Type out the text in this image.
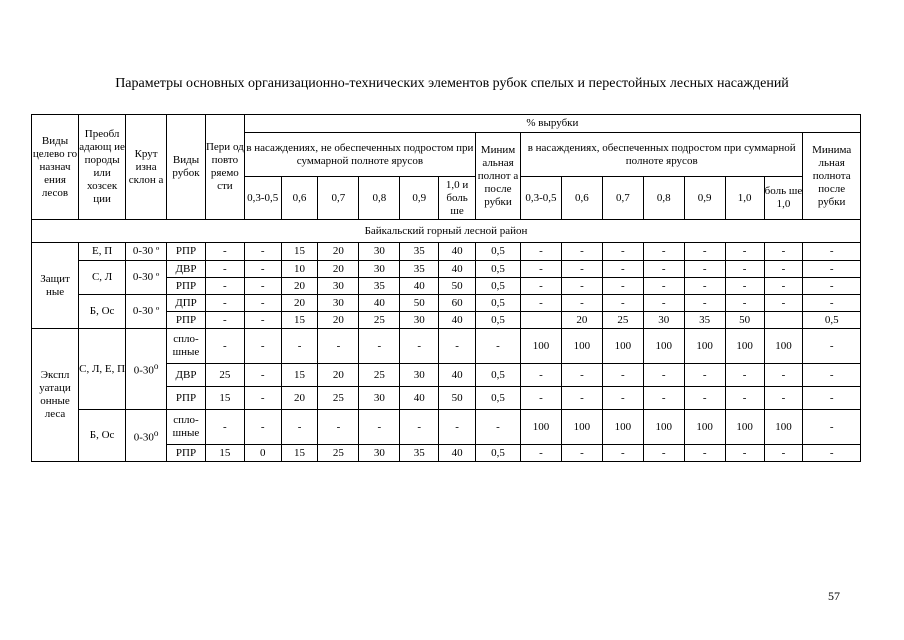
Параметры основных организационно-технических элементов рубок спелых и перестойных лесных насаждений
Виды целево го назнач ения лесов	Преобл адающ ие породы или хозсек ции	Крут изна склон а	Виды рубок	Пери од повто ряемо сти	% вырубки														
					в насаждениях, не обеспеченных подростом при суммарной полноте ярусов						Миним альная полнот а после рубки	в насаждениях, обеспеченных подростом при суммарной полноте ярусов							Минима льная полнота после рубки
					0,3-0,5	0,6	0,7	0,8	0,9	1,0 и боль ше		0,3-0,5	0,6	0,7	0,8	0,9	1,0	боль ше 1,0	
Байкальский горный лесной район																			
Защит ные	Е, П	0-30 º	РПР	-	-	15	20	30	35	40	0,5	-	-	-	-	-	-	-	-
	С, Л	0-30 º	ДВР	-	-	10	20	30	35	40	0,5	-	-	-	-	-	-	-	-
			РПР	-	-	20	30	35	40	50	0,5	-	-	-	-	-	-	-	-
	Б, Ос	0-30 º	ДПР	-	-	20	30	40	50	60	0,5	-	-	-	-	-	-	-	-
			РПР	-	-	15	20	25	30	40	0,5		20	25	30	35	50		0,5
Экспл уатаци онные леса	С, Л, Е, П	$0-30^о$	спло- шные	-	-	-	-	-	-	-	-	100	100	100	100	100	100	100	-
			ДВР	25	-	15	20	25	30	40	0,5	-	-	-	-	-	-	-	-
			РПР	15	-	20	25	30	40	50	0,5	-	-	-	-	-	-	-	-
	Б, Ос	$0-30^о$	спло- шные	-	-	-	-	-	-	-	-	100	100	100	100	100	100	100	-
			РПР	15	0	15	25	30	35	40	0,5	-	-	-	-	-	-	-	-
57
